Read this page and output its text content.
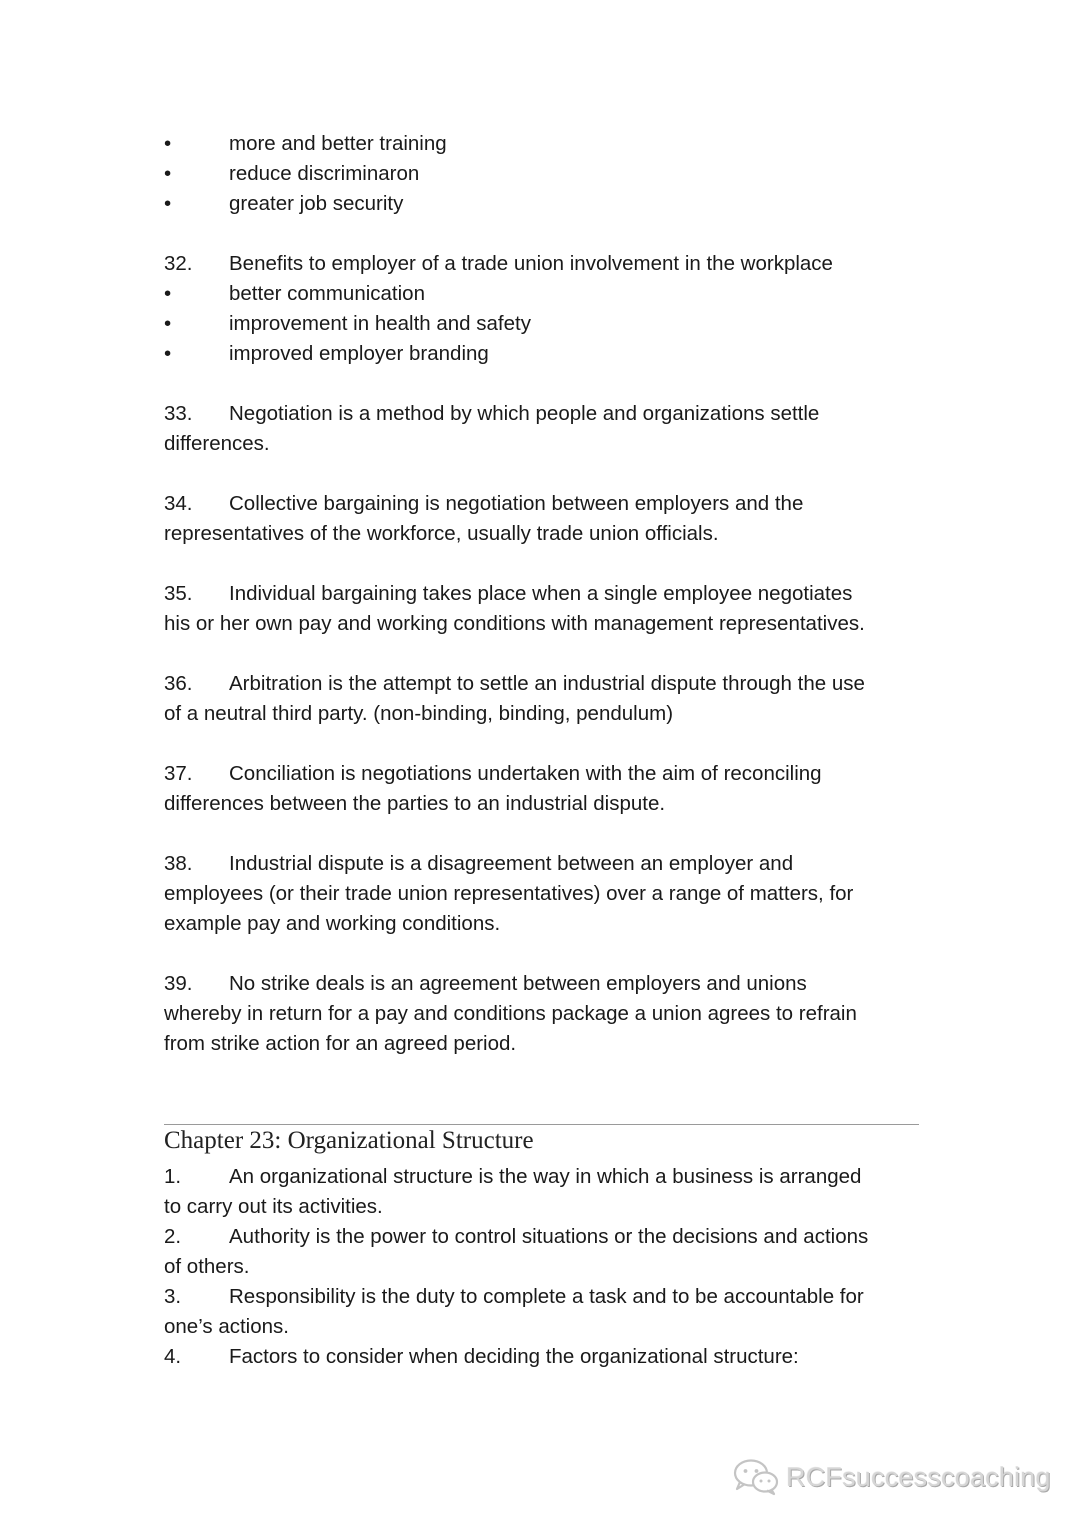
•	more and better training
•	reduce discriminaron
•	greater job security
32. Benefits to employer of a trade union involvement in the workplace
•	better communication
•	improvement in health and safety
•	improved employer branding
33. Negotiation is a method by which people and organizations settle
differences.
34. Collective bargaining is negotiation between employers and the
representatives of the workforce, usually trade union officials.
35. Individual bargaining takes place when a single employee negotiates
his or her own pay and working conditions with management representatives.
36. Arbitration is the attempt to settle an industrial dispute through the use
of a neutral third party. (non-binding, binding, pendulum)
37. Conciliation is negotiations undertaken with the aim of reconciling
differences between the parties to an industrial dispute.
38. Industrial dispute is a disagreement between an employer and
employees (or their trade union representatives) over a range of matters, for
example pay and working conditions.
39. No strike deals is an agreement between employers and unions
whereby in return for a pay and conditions package a union agrees to refrain
from strike action for an agreed period.
Chapter 23: Organizational Structure
1. An organizational structure is the way in which a business is arranged
to carry out its activities.
2. Authority is the power to control situations or the decisions and actions
of others.
3. Responsibility is the duty to complete a task and to be accountable for
one’s actions.
4. Factors to consider when deciding the organizational structure:
RCFsuccesscoaching
